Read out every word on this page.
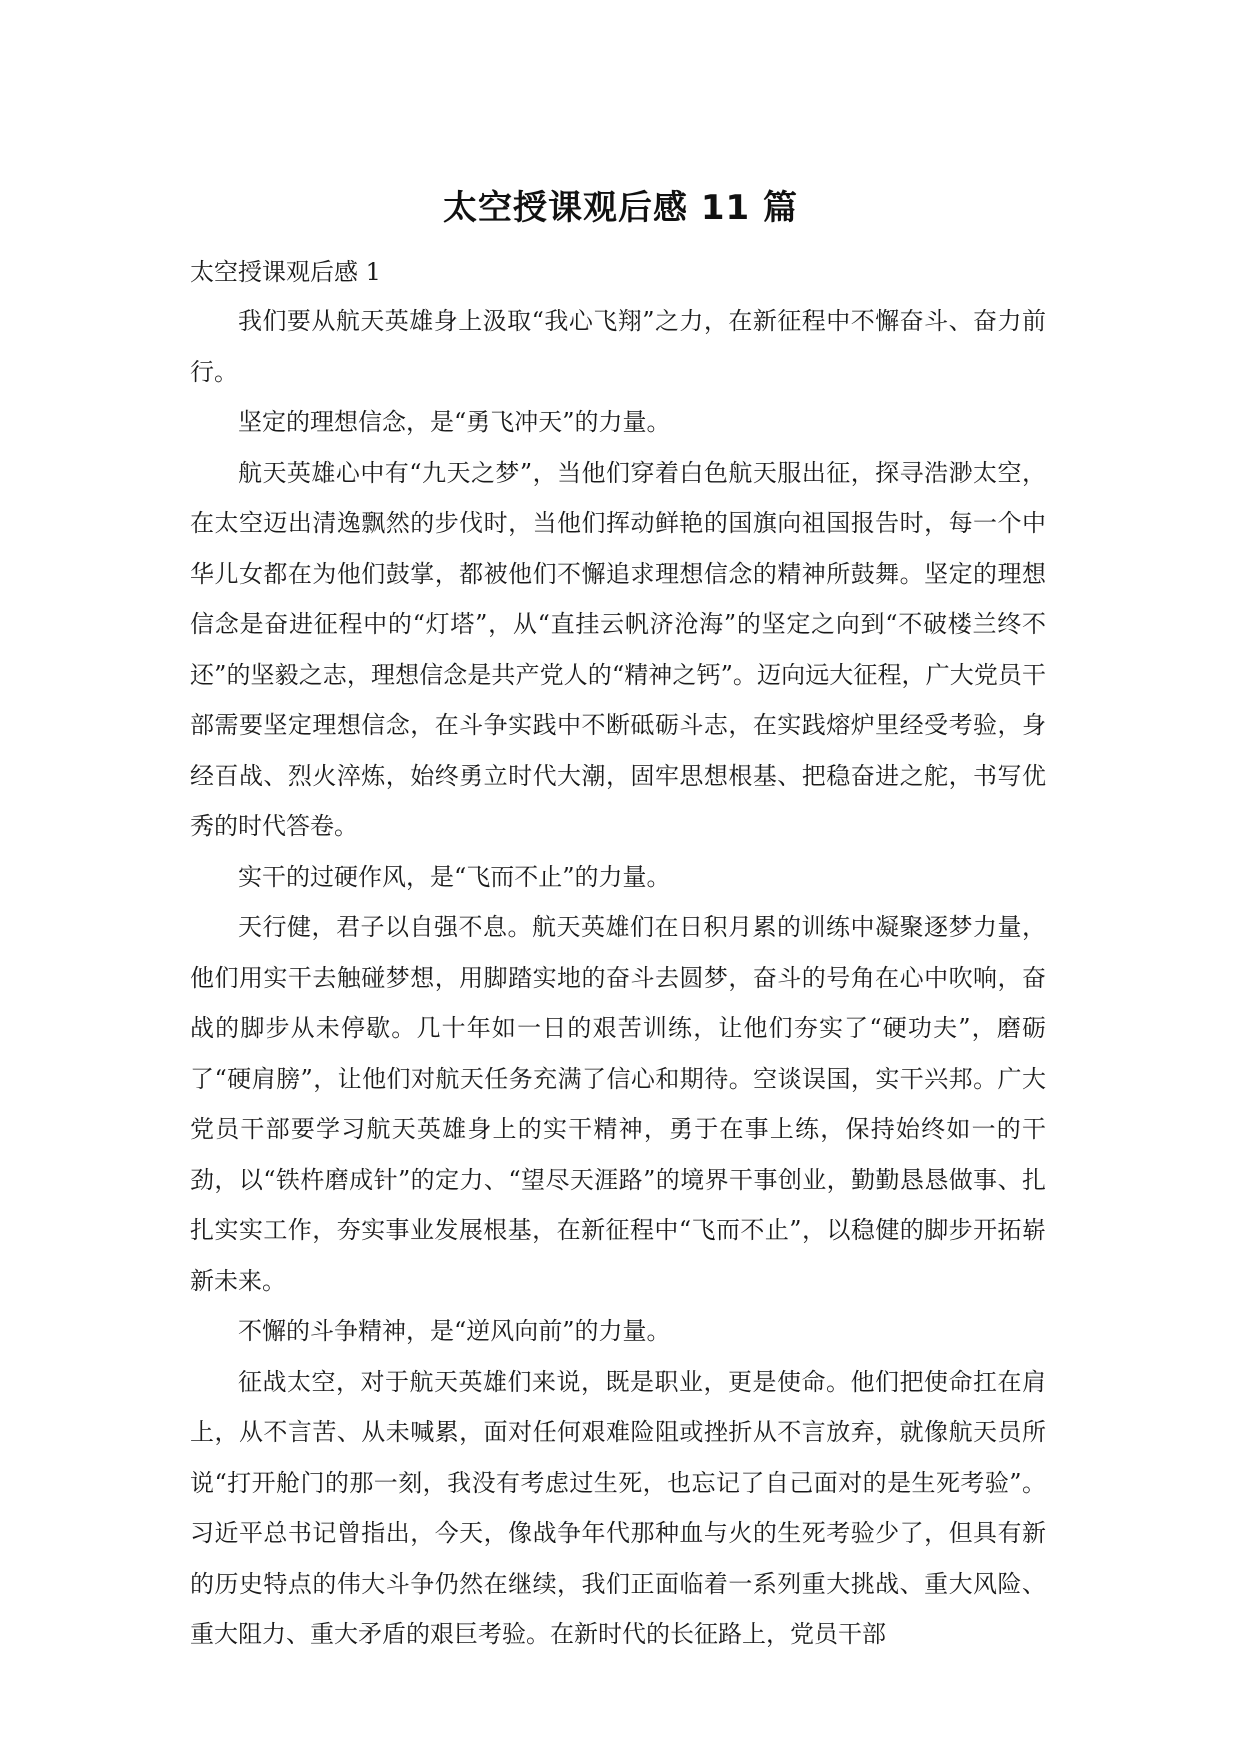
太空授课观后感 11 篇
太空授课观后感 1

我们要从航天英雄身上汲取“我心飞翔”之力，在新征程中不懈奋斗、奋力前行。

坚定的理想信念，是“勇飞冲天”的力量。

航天英雄心中有“九天之梦”，当他们穿着白色航天服出征，探寻浩渺太空，在太空迈出清逸飘然的步伐时，当他们挥动鲜艳的国旗向祖国报告时，每一个中华儿女都在为他们鼓掌，都被他们不懈追求理想信念的精神所鼓舞。坚定的理想信念是奋进征程中的“灯塔”，从“直挂云帆济沧海”的坚定之向到“不破楼兰终不还”的坚毅之志，理想信念是共产党人的“精神之钙”。迈向远大征程，广大党员干部需要坚定理想信念，在斗争实践中不断砥砺斗志，在实践熔炉里经受考验，身经百战、烈火淬炼，始终勇立时代大潮，固牢思想根基、把稳奋进之舵，书写优秀的时代答卷。

实干的过硬作风，是“飞而不止”的力量。

天行健，君子以自强不息。航天英雄们在日积月累的训练中凝聚逐梦力量，他们用实干去触碰梦想，用脚踏实地的奋斗去圆梦，奋斗的号角在心中吹响，奋战的脚步从未停歇。几十年如一日的艰苦训练，让他们夯实了“硬功夫”，磨砺了“硬肩膀”，让他们对航天任务充满了信心和期待。空谈误国，实干兴邦。广大党员干部要学习航天英雄身上的实干精神，勇于在事上练，保持始终如一的干劲，以“铁杵磨成针”的定力、“望尽天涯路”的境界干事创业，勤勤恳恳做事、扎扎实实工作，夯实事业发展根基，在新征程中“飞而不止”，以稳健的脚步开拓崭新未来。

不懈的斗争精神，是“逆风向前”的力量。

征战太空，对于航天英雄们来说，既是职业，更是使命。他们把使命扛在肩上，从不言苦、从未喊累，面对任何艰难险阻或挫折从不言放弃，就像航天员所说“打开舱门的那一刻，我没有考虑过生死，也忘记了自己面对的是生死考验”。习近平总书记曾指出，今天，像战争年代那种血与火的生死考验少了，但具有新的历史特点的伟大斗争仍然在继续，我们正面临着一系列重大挑战、重大风险、重大阻力、重大矛盾的艰巨考验。在新时代的长征路上，党员干部
